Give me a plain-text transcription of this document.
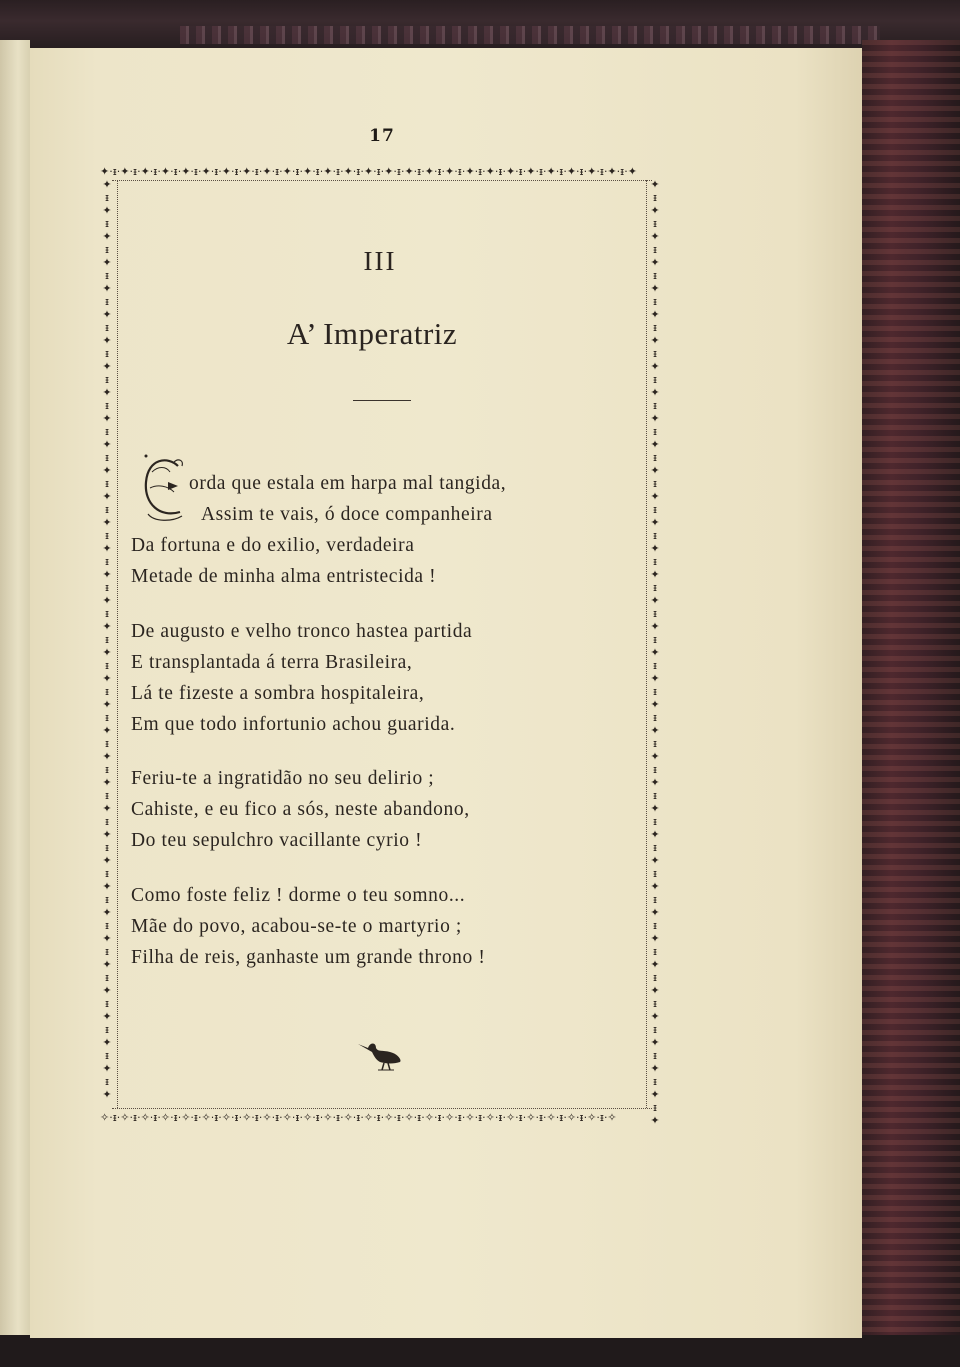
17
✦·ᵻ·✦·ᵻ·✦·ᵻ·✦·ᵻ·✦·ᵻ·✦·ᵻ·✦·ᵻ·✦·ᵻ·✦·ᵻ·✦·ᵻ·✦·ᵻ·✦·ᵻ·✦·ᵻ·✦·ᵻ·✦·ᵻ·✦·ᵻ·✦·ᵻ·✦·ᵻ·✦·ᵻ·✦·ᵻ·✦·ᵻ·✦·ᵻ·✦·ᵻ·✦·ᵻ·✦·ᵻ·✦·ᵻ·✦
✧·ᵻ·✧·ᵻ·✧·ᵻ·✧·ᵻ·✧·ᵻ·✧·ᵻ·✧·ᵻ·✧·ᵻ·✧·ᵻ·✧·ᵻ·✧·ᵻ·✧·ᵻ·✧·ᵻ·✧·ᵻ·✧·ᵻ·✧·ᵻ·✧·ᵻ·✧·ᵻ·✧·ᵻ·✧·ᵻ·✧·ᵻ·✧·ᵻ·✧·ᵻ·✧·ᵻ·✧·ᵻ·✧
✦
ᵻ
✦
ᵻ
✦
ᵻ
✦
ᵻ
✦
ᵻ
✦
ᵻ
✦
ᵻ
✦
ᵻ
✦
ᵻ
✦
ᵻ
✦
ᵻ
✦
ᵻ
✦
ᵻ
✦
ᵻ
✦
ᵻ
✦
ᵻ
✦
ᵻ
✦
ᵻ
✦
ᵻ
✦
ᵻ
✦
ᵻ
✦
ᵻ
✦
ᵻ
✦
ᵻ
✦
ᵻ
✦
ᵻ
✦
ᵻ
✦
ᵻ
✦
ᵻ
✦
ᵻ
✦
ᵻ
✦
ᵻ
✦
ᵻ
✦
ᵻ
✦
ᵻ
✦
✦
ᵻ
✦
ᵻ
✦
ᵻ
✦
ᵻ
✦
ᵻ
✦
ᵻ
✦
ᵻ
✦
ᵻ
✦
ᵻ
✦
ᵻ
✦
ᵻ
✦
ᵻ
✦
ᵻ
✦
ᵻ
✦
ᵻ
✦
ᵻ
✦
ᵻ
✦
ᵻ
✦
ᵻ
✦
ᵻ
✦
ᵻ
✦
ᵻ
✦
ᵻ
✦
ᵻ
✦
ᵻ
✦
ᵻ
✦
ᵻ
✦
ᵻ
✦
ᵻ
✦
ᵻ
✦
ᵻ
✦
ᵻ
✦
ᵻ
✦
ᵻ
✦
ᵻ
✦
ᵻ
✦
III
A’ Imperatriz
orda que estala em harpa mal tangida,
Assim te vais, ó doce companheira
Da fortuna e do exilio, verdadeira
Metade de minha alma entristecida !
De augusto e velho tronco hastea partida
E transplantada á terra Brasileira,
Lá te fizeste a sombra hospitaleira,
Em que todo infortunio achou guarida.
Feriu-te a ingratidão no seu delirio ;
Cahiste, e eu fico a sós, neste abandono,
Do teu sepulchro vacillante cyrio !
Como foste feliz ! dorme o teu somno...
Mãe do povo, acabou-se-te o martyrio ;
Filha de reis, ganhaste um grande throno !
